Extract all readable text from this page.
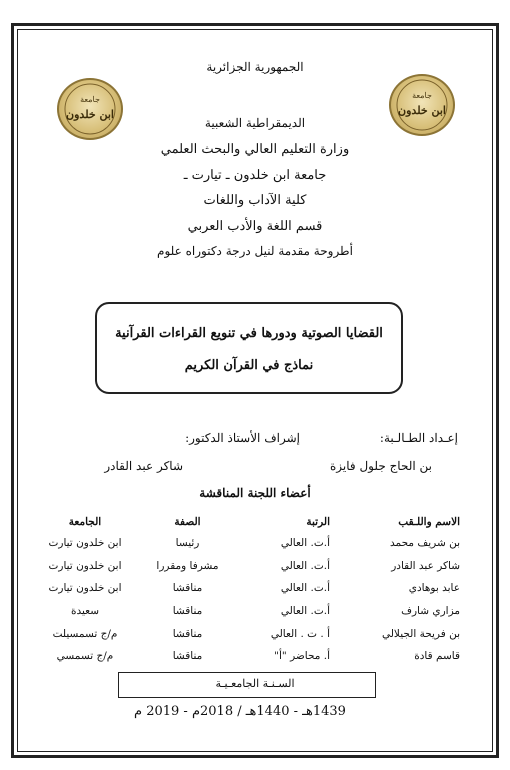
الجمهورية الجزائرية
جامعة
ابن خلدون
جامعة
ابن خلدون
الديمقراطية الشعبية
وزارة التعليم العالي والبحث العلمي
جامعة ابن خلدون ـ تيارت ـ
كلية الآداب واللغات
قسم اللغة والأدب العربي
أطروحة مقدمة لنيل درجة دكتوراه علوم
القضايا الصوتية ودورها في تنويع القراءات القرآنية
نماذج في القرآن الكريم
إعـداد الطـالـبة:
إشراف الأستاذ الدكتور:
بن الحاج جلول فايزة
شاكر عبد القادر
أعضاء اللجنة المناقشة
الاسم واللـقب	الرتبة	الصفة	الجامعة
بن شريف محمد	أ.ت. العالي	رئيسا	ابن خلدون تيارت
شاكر عبد القادر	أ.ت. العالي	مشرفا ومقررا	ابن خلدون تيارت
عابد بوهادي	أ.ت. العالي	مناقشا	ابن خلدون تيارت
مزاري شارف	أ.ت. العالي	مناقشا	سعيدة
بن فريحة الجيلالي	أ . ت . العالي	مناقشا	م/ج تسمسيلت
قاسم قادة	أ. محاضر "أ"	مناقشا	م/ج تسمسي
السـنـة الجامعـيـة
1439هـ - 1440هـ / 2018م - 2019 م
